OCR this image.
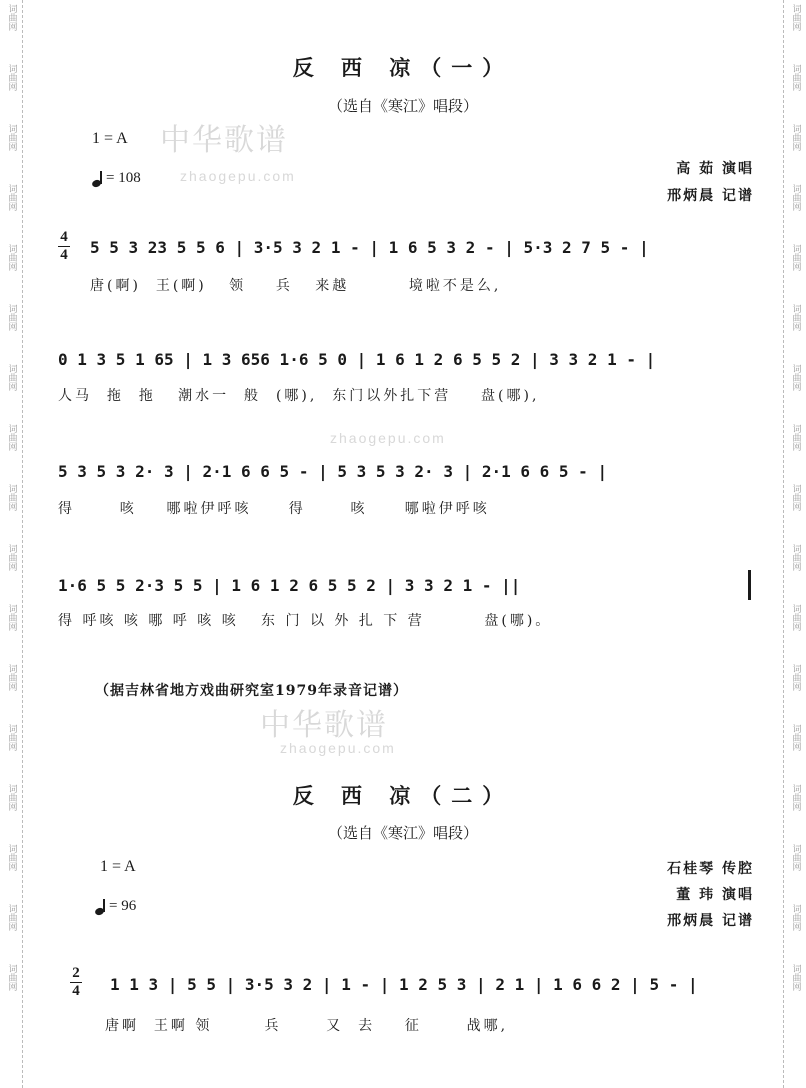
词曲网
词曲网
词曲网
词曲网
词曲网
词曲网
词曲网
词曲网
词曲网
词曲网
词曲网
词曲网
词曲网
词曲网
词曲网
词曲网
词曲网
词曲网
词曲网
词曲网
词曲网
词曲网
词曲网
词曲网
词曲网
词曲网
词曲网
词曲网
词曲网
词曲网
词曲网
词曲网
词曲网
词曲网
中华歌谱
zhaogepu.com
zhaogepu.com
中华歌谱
zhaogepu.com
反 西 凉（一）
（选自《寒江》唱段）
1 = A
= 108
高 茹 演唱
邢炳晨 记谱
4
4 5 5 3 23 5 5 6 | 3·5 3 2 1 - | 1 6 5 3 2 - | 5·3 2 7 5 - |
唐(啊)  王(啊)   领    兵   来越        境啦不是么,
0 1 3 5 1 65 | 1 3 656 1·6 5 0 | 1 6 1 2 6 5 5 2 | 3 3 2 1 - |
人马  拖  拖   潮水一  般  (哪),  东门以外扎下营    盘(哪),
5 3 5 3 2· 3 | 2·1 6 6 5 - | 5 3 5 3 2· 3 | 2·1 6 6 5 - |
得      咳    哪啦伊呼咳     得      咳     哪啦伊呼咳
1·6 5 5 2·3 5 5 | 1 6 1 2 6 5 5 2 | 3 3 2 1 - ||
得 呼咳 咳 哪 呼 咳 咳   东 门 以 外 扎 下 营        盘(哪)。
（据吉林省地方戏曲研究室1979年录音记谱）
反 西 凉（二）
（选自《寒江》唱段）
1 = A
= 96
石桂琴 传腔
董 玮 演唱
邢炳晨 记谱
2
4 1 1 3 | 5 5 | 3·5 3 2 | 1 - | 1 2 5 3 | 2 1 | 1 6 6 2 | 5 - |
唐啊  王啊 领       兵      又  去    征      战哪,
